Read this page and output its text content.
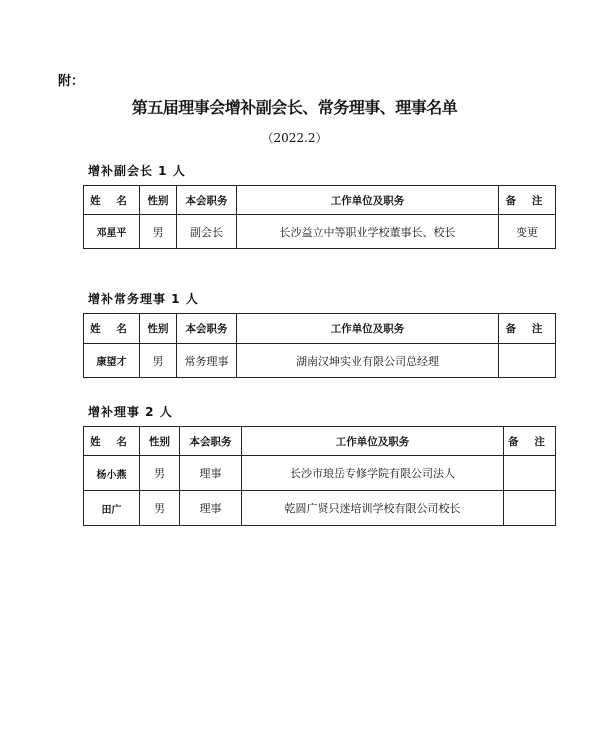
附：
第五届理事会增补副会长、常务理事、理事名单
（2022.2）
增补副会长 1 人
姓 名	性别	本会职务	工作单位及职务	备 注
邓星平	男	副会长	长沙益立中等职业学校董事长、校长	变更
增补常务理事 1 人
姓 名	性别	本会职务	工作单位及职务	备 注
康望才	男	常务理事	湖南汉坤实业有限公司总经理	
增补理事 2 人
姓 名	性别	本会职务	工作单位及职务	备 注
杨小燕	男	理事	长沙市琅岳专修学院有限公司法人	
田广	男	理事	乾圆广贤只迷培训学校有限公司校长	
